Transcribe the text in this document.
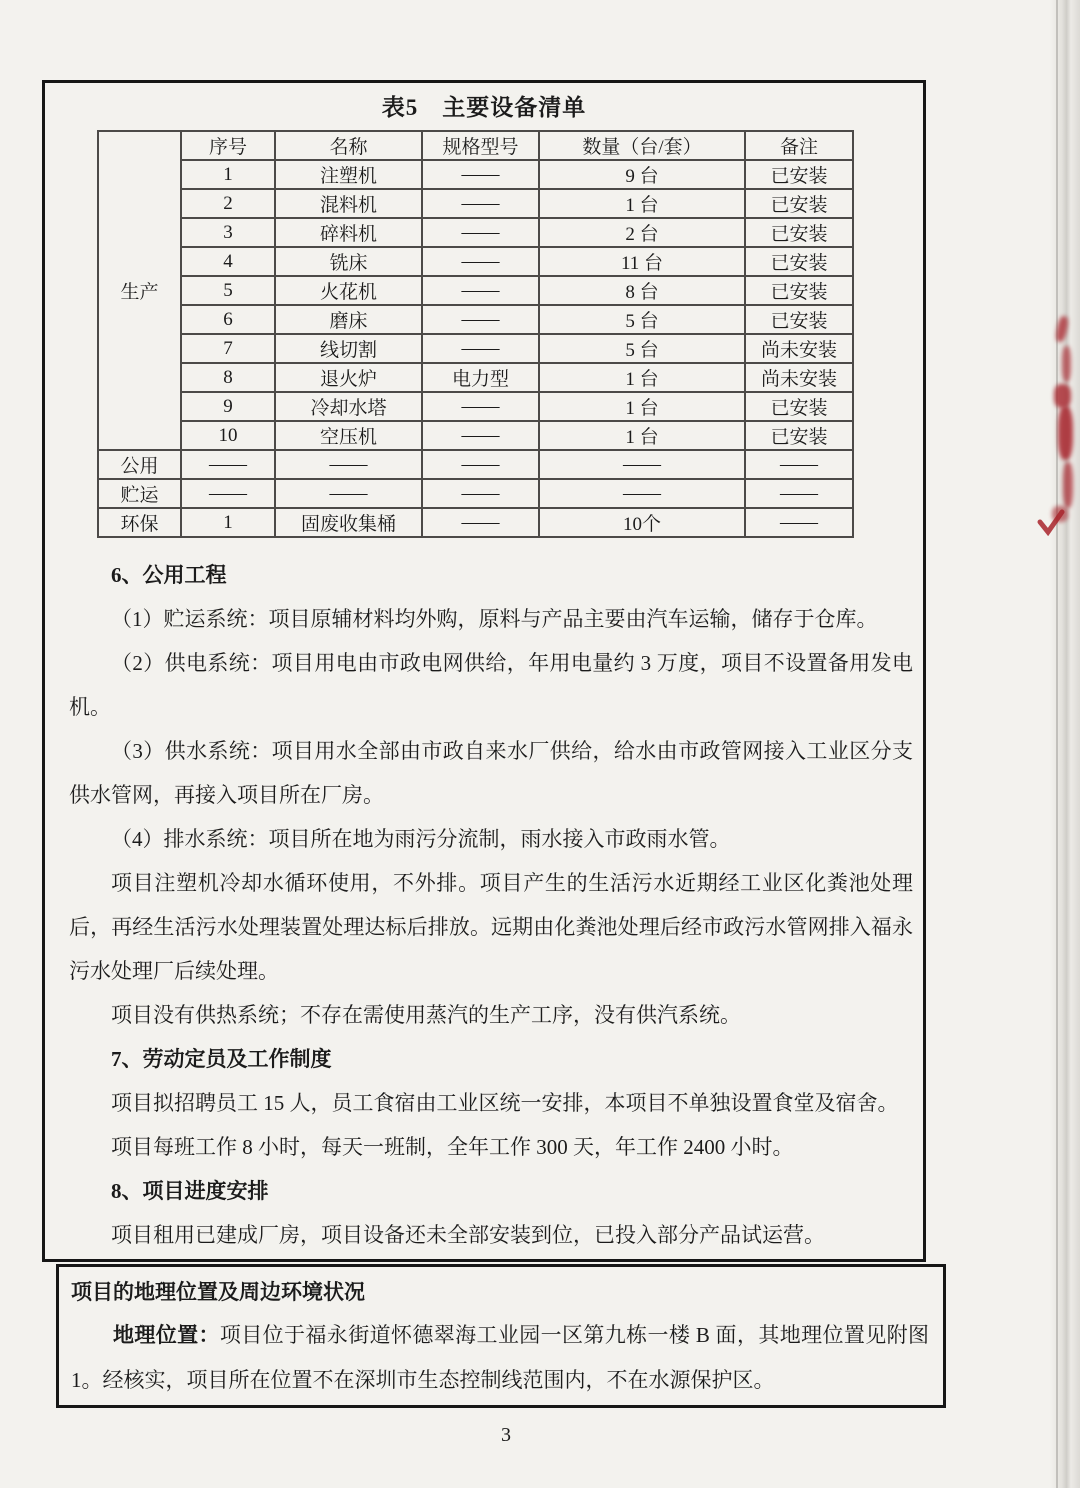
表5　主要设备清单
生产	序号	名称	规格型号	数量（台/套）	备注
	1	注塑机	——	9 台	已安装
	2	混料机	——	1 台	已安装
	3	碎料机	——	2 台	已安装
	4	铣床	——	11 台	已安装
	5	火花机	——	8 台	已安装
	6	磨床	——	5 台	已安装
	7	线切割	——	5 台	尚未安装
	8	退火炉	电力型	1 台	尚未安装
	9	冷却水塔	——	1 台	已安装
	10	空压机	——	1 台	已安装
公用	——	——	——	——	——
贮运	——	——	——	——	——
环保	1	固废收集桶	——	10个	——

6、公用工程

（1）贮运系统：项目原辅材料均外购，原料与产品主要由汽车运输，储存于仓库。

（2）供电系统：项目用电由市政电网供给，年用电量约 3 万度，项目不设置备用发电机。

（3）供水系统：项目用水全部由市政自来水厂供给，给水由市政管网接入工业区分支供水管网，再接入项目所在厂房。

（4）排水系统：项目所在地为雨污分流制，雨水接入市政雨水管。

项目注塑机冷却水循环使用，不外排。项目产生的生活污水近期经工业区化粪池处理后，再经生活污水处理装置处理达标后排放。远期由化粪池处理后经市政污水管网排入福永污水处理厂后续处理。

项目没有供热系统；不存在需使用蒸汽的生产工序，没有供汽系统。

7、劳动定员及工作制度

项目拟招聘员工 15 人，员工食宿由工业区统一安排，本项目不单独设置食堂及宿舍。

项目每班工作 8 小时，每天一班制，全年工作 300 天，年工作 2400 小时。

8、项目进度安排

项目租用已建成厂房，项目设备还未全部安装到位，已投入部分产品试运营。

项目的地理位置及周边环境状况

地理位置：项目位于福永街道怀德翠海工业园一区第九栋一楼 B 面，其地理位置见附图 1。经核实，项目所在位置不在深圳市生态控制线范围内，不在水源保护区。

3
